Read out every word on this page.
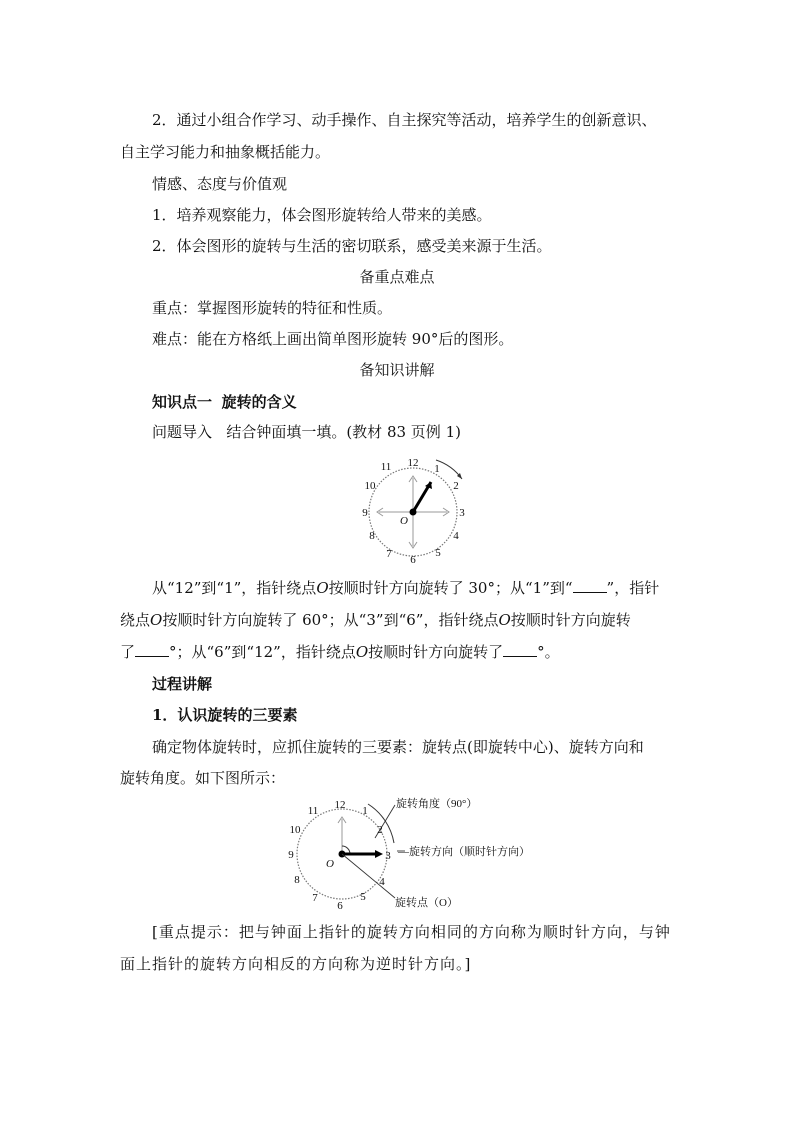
2．通过小组合作学习、动手操作、自主探究等活动，培养学生的创新意识、
自主学习能力和抽象概括能力。
情感、态度与价值观
1．培养观察能力，体会图形旋转给人带来的美感。
2．体会图形的旋转与生活的密切联系，感受美来源于生活。
备重点难点
重点：掌握图形旋转的特征和性质。
难点：能在方格纸上画出简单图形旋转 90°后的图形。
备知识讲解
知识点一 旋转的含义
问题导入 结合钟面填一填。(教材 83 页例 1)
12 1
2
3
4
5
6
7
8
9
10
11
O
从“12”到“1”，指针绕点O按顺时针方向旋转了 30°；从“1”到“ ”，指针
绕点O按顺时针方向旋转了 60°；从“3”到“6”，指针绕点O按顺时针方向旋转
了 °；从“6”到“12”，指针绕点O按顺时针方向旋转了 °。
过程讲解
1．认识旋转的三要素
确定物体旋转时，应抓住旋转的三要素：旋转点(即旋转中心)、旋转方向和
旋转角度。如下图所示：
12 1
2
3
4
5
6
7
8
9
10
11
O
旋转角度（90°）
—旋转方向（顺时针方向）
旋转点（O）
[重点提示：把与钟面上指针的旋转方向相同的方向称为顺时针方向，与钟
面上指针的旋转方向相反的方向称为逆时针方向。]
